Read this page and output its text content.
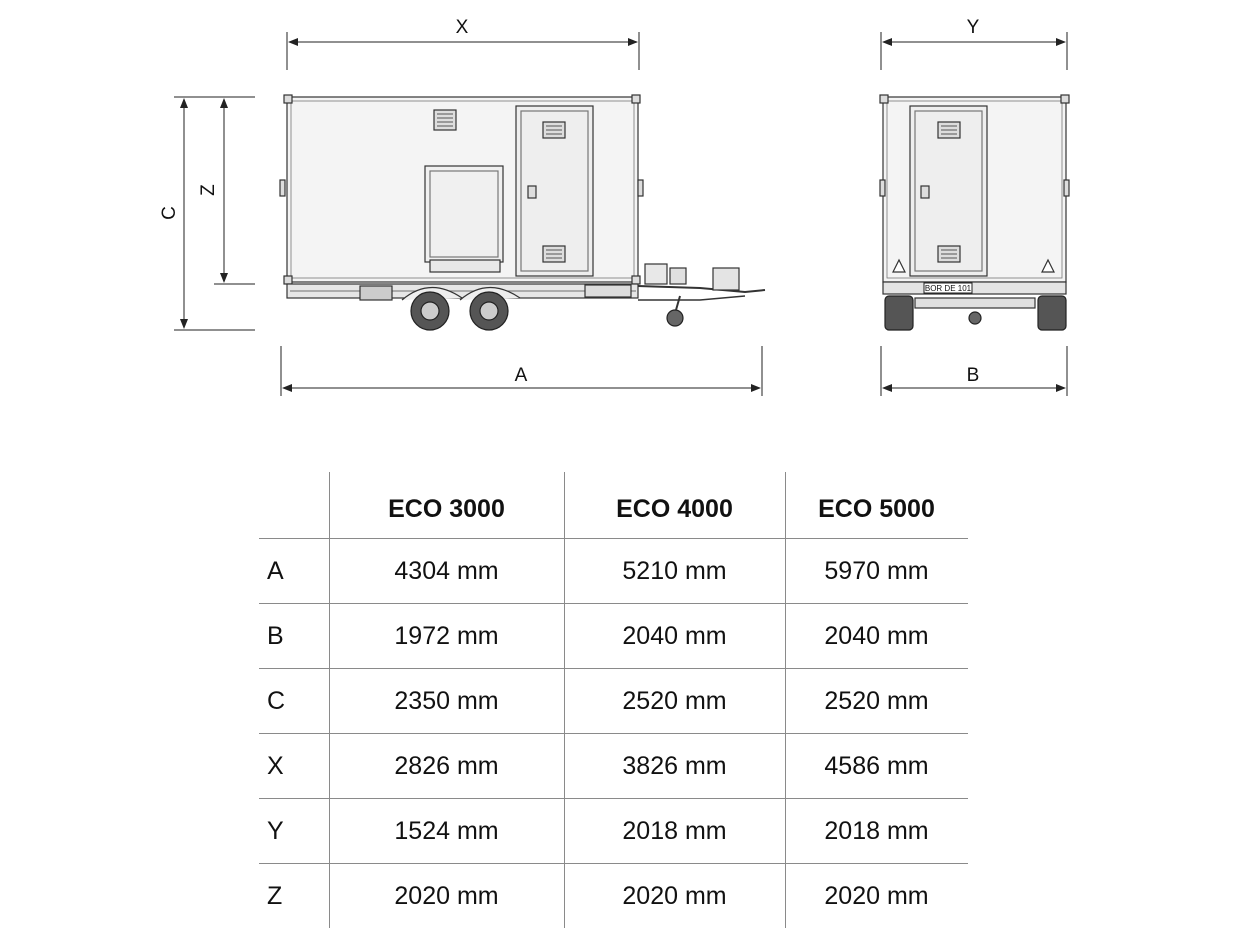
BOR DE 101
X	Y
A	B
C
Z
	ECO 3000	ECO 4000	ECO 5000
A	4304 mm	5210 mm	5970 mm
B	1972 mm	2040 mm	2040 mm
C	2350 mm	2520 mm	2520 mm
X	2826 mm	3826 mm	4586 mm
Y	1524 mm	2018 mm	2018 mm
Z	2020 mm	2020 mm	2020 mm
